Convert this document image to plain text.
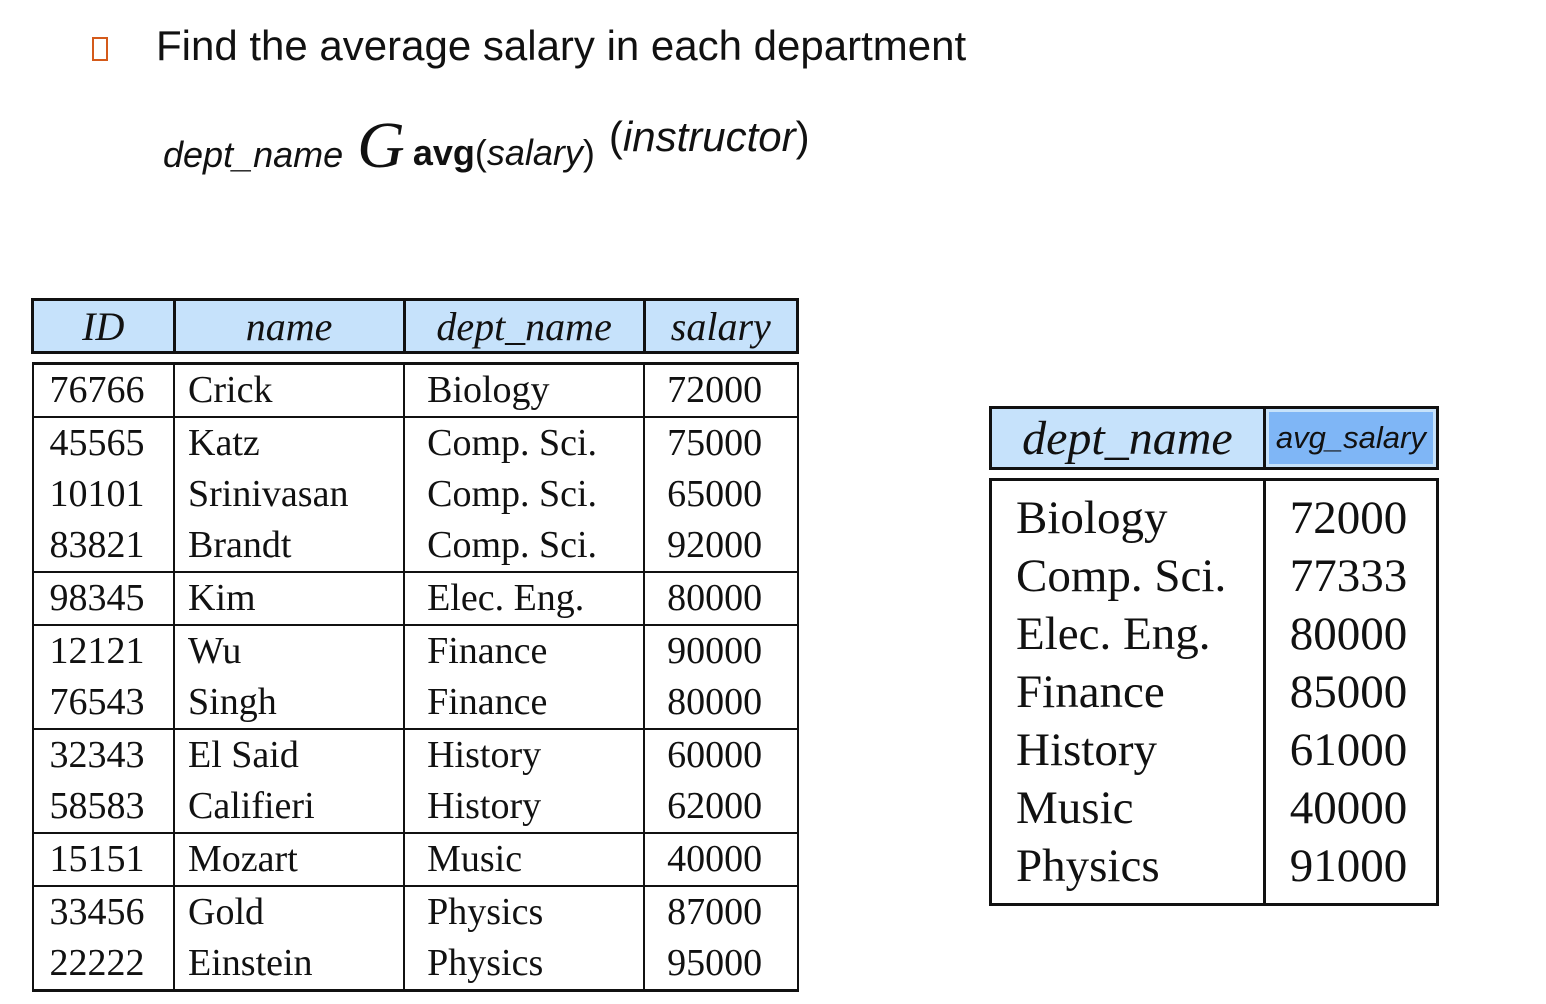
Find the average salary in each department
dept_name G avg(salary) (instructor)
ID	name	dept_name	salary

76766	Crick	Biology	72000
45565	Katz	Comp. Sci.	75000
10101	Srinivasan	Comp. Sci.	65000
83821	Brandt	Comp. Sci.	92000
98345	Kim	Elec. Eng.	80000
12121	Wu	Finance	90000
76543	Singh	Finance	80000
32343	El Said	History	60000
58583	Califieri	History	62000
15151	Mozart	Music	40000
33456	Gold	Physics	87000
22222	Einstein	Physics	95000
dept_name	avg_salary

Biology	72000
Comp. Sci.	77333
Elec. Eng.	80000
Finance	85000
History	61000
Music	40000
Physics	91000
